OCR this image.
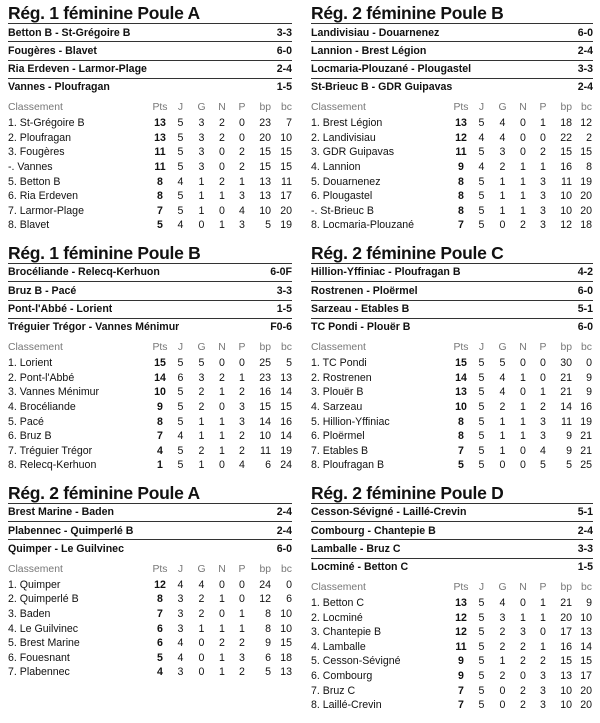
Rég. 1 féminine Poule A
Betton B - St-Grégoire B	3-3
Fougères - Blavet	6-0
Ria Erdeven - Larmor-Plage	2-4
Vannes - Ploufragan	1-5
Classement	Pts J	G	N	P	bp bc
1. St-Grégoire B	13	5	3	2	0	23	7
2. Ploufragan	13	5	3	2	0	20 10
3. Fougères	11	5	3	0	2	15 15
-. Vannes	11	5	3	0	2	15 15
5. Betton B	8	4	1	2	1	13 11
6. Ria Erdeven	8	5	1	1	3	13 17
7. Larmor-Plage	7	5	1	0	4	10 20
8. Blavet	5	4	0	1	3	5 19
Rég. 1 féminine Poule B
Brocéliande - Relecq-Kerhuon	6-0F
Bruz B - Pacé	3-3
Pont-l'Abbé - Lorient	1-5
Tréguier Trégor - Vannes Ménimur	F0-6
Classement	Pts J	G	N	P	bp bc
1. Lorient	15	5	5	0	0	25	5
2. Pont-l'Abbé	14	6	3	2	1	23 13
3. Vannes Ménimur	10	5	2	1	2	16 14
4. Brocéliande	9	5	2	0	3	15 15
5. Pacé	8	5	1	1	3	14 16
6. Bruz B	7	4	1	1	2	10 14
7. Tréguier Trégor	4	5	2	1	2	11 19
8. Relecq-Kerhuon	1	5	1	0	4	6 24
Rég. 2 féminine Poule A
Brest Marine - Baden	2-4
Plabennec - Quimperlé B	2-4
Quimper - Le Guilvinec	6-0
Classement	Pts J	G	N	P	bp bc
1. Quimper	12	4	4	0	0	24	0
2. Quimperlé B	8	3	2	1	0	12	6
3. Baden	7	3	2	0	1	8 10
4. Le Guilvinec	6	3	1	1	1	8 10
5. Brest Marine	6	4	0	2	2	9 15
6. Fouesnant	5	4	0	1	3	6 18
7. Plabennec	4	3	0	1	2	5 13
Rég. 2 féminine Poule B
Landivisiau - Douarnenez	6-0
Lannion - Brest Légion	2-4
Locmaria-Plouzané - Plougastel	3-3
St-Brieuc B - GDR Guipavas	2-4
Classement	Pts J	G	N	P	bp bc
1. Brest Légion	13	5	4	0	1	18 12
2. Landivisiau	12	4	4	0	0	22	2
3. GDR Guipavas	11	5	3	0	2	15 15
4. Lannion	9	4	2	1	1	16	8
5. Douarnenez	8	5	1	1	3	11 19
6. Plougastel	8	5	1	1	3	10 20
-. St-Brieuc B	8	5	1	1	3	10 20
8. Locmaria-Plouzané	7	5	0	2	3	12 18
Rég. 2 féminine Poule C
Hillion-Yffiniac - Ploufragan B	4-2
Rostrenen - Ploërmel	6-0
Sarzeau - Etables B	5-1
TC Pondi - Plouër B	6-0
Classement	Pts J	G	N	P	bp bc
1. TC Pondi	15	5	5	0	0	30	0
2. Rostrenen	14	5	4	1	0	21	9
3. Plouër B	13	5	4	0	1	21	9
4. Sarzeau	10	5	2	1	2	14 16
5. Hillion-Yffiniac	8	5	1	1	3	11 19
6. Ploërmel	8	5	1	1	3	9 21
7. Etables B	7	5	1	0	4	9 21
8. Ploufragan B	5	5	0	0	5	5 25
Rég. 2 féminine Poule D
Cesson-Sévigné - Laillé-Crevin	5-1
Combourg - Chantepie B	2-4
Lamballe - Bruz C	3-3
Locminé - Betton C	1-5
Classement	Pts J	G	N	P	bp bc
1. Betton C	13	5	4	0	1	21	9
2. Locminé	12	5	3	1	1	20 10
3. Chantepie B	12	5	2	3	0	17 13
4. Lamballe	11	5	2	2	1	16 14
5. Cesson-Sévigné	9	5	1	2	2	15 15
6. Combourg	9	5	2	0	3	13 17
7. Bruz C	7	5	0	2	3	10 20
8. Laillé-Crevin	7	5	0	2	3	10 20
